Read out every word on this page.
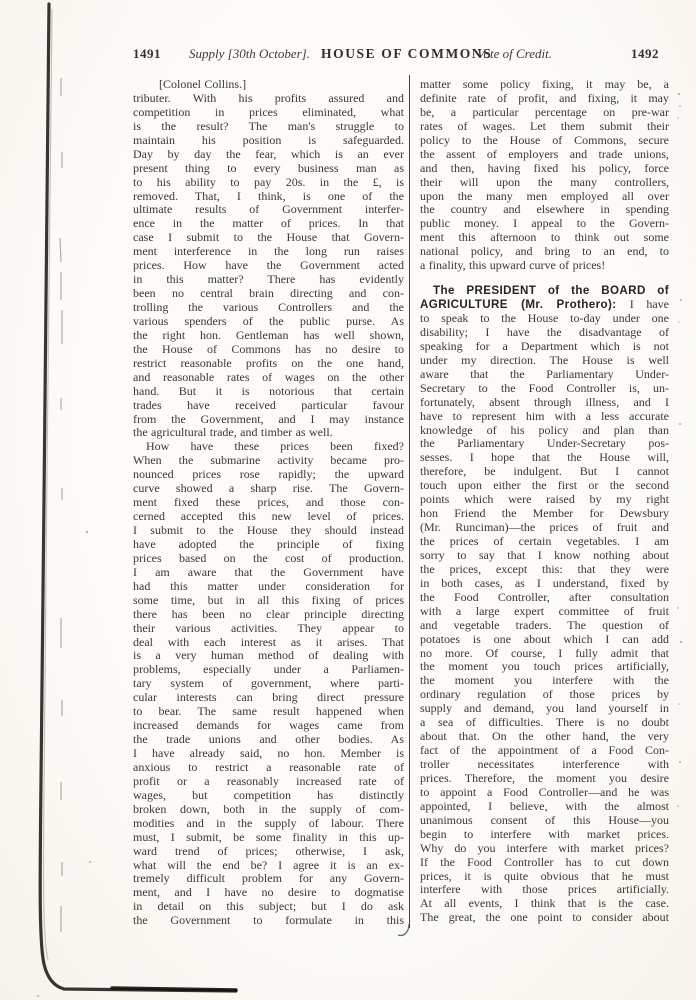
1491 Supply [30th October]. HOUSE OF COMMONS
Vote of Credit.	1492
[Colonel Collins.]
tributer. With his profits assured and
competition in prices eliminated, what
is the result? The man's struggle to
maintain his position is safeguarded.
Day by day the fear, which is an ever
present thing to every business man as
to his ability to pay 20s. in the £, is
removed. That, I think, is one of the
ultimate results of Government interfer-
ence in the matter of prices. In that
case I submit to the House that Govern-
ment interference in the long run raises
prices. How have the Government acted
in this matter? There has evidently
been no central brain directing and con-
trolling the various Controllers and the
various spenders of the public purse. As
the right hon. Gentleman has well shown,
the House of Commons has no desire to
restrict reasonable profits on the one hand,
and reasonable rates of wages on the other
hand. But it is notorious that certain
trades have received particular favour
from the Government, and I may instance
the agricultural trade, and timber as well.
How have these prices been fixed?
When the submarine activity became pro-
nounced prices rose rapidly; the upward
curve showed a sharp rise. The Govern-
ment fixed these prices, and those con-
cerned accepted this new level of prices.
I submit to the House they should instead
have adopted the principle of fixing
prices based on the cost of production.
I am aware that the Government have
had this matter under consideration for
some time, but in all this fixing of prices
there has been no clear principle directing
their various activities. They appear to
deal with each interest as it arises. That
is a very human method of dealing with
problems, especially under a Parliamen-
tary system of government, where parti-
cular interests can bring direct pressure
to bear. The same result happened when
increased demands for wages came from
the trade unions and other bodies. As
I have already said, no hon. Member is
anxious to restrict a reasonable rate of
profit or a reasonably increased rate of
wages, but competition has distinctly
broken down, both in the supply of com-
modities and in the supply of labour. There
must, I submit, be some finality in this up-
ward trend of prices; otherwise, I ask,
what will the end be? I agree it is an ex-
tremely difficult problem for any Govern-
ment, and I have no desire to dogmatise
in detail on this subject; but I do ask
the Government to formulate in this
matter some policy fixing, it may be, a
definite rate of profit, and fixing, it may
be, a particular percentage on pre-war
rates of wages. Let them submit their
policy to the House of Commons, secure
the assent of employers and trade unions,
and then, having fixed his policy, force
their will upon the many controllers,
upon the many men employed all over
the country and elsewhere in spending
public money. I appeal to the Govern-
ment this afternoon to think out some
national policy, and bring to an end, to
a finality, this upward curve of prices!
The PRESIDENT of the BOARD of
AGRICULTURE (Mr. Prothero): I have
to speak to the House to-day under one
disability; I have the disadvantage of
speaking for a Department which is not
under my direction. The House is well
aware that the Parliamentary Under-
Secretary to the Food Controller is, un-
fortunately, absent through illness, and I
have to represent him with a less accurate
knowledge of his policy and plan than
the Parliamentary Under-Secretary pos-
sesses. I hope that the House will,
therefore, be indulgent. But I cannot
touch upon either the first or the second
points which were raised by my right
hon Friend the Member for Dewsbury
(Mr. Runciman)—the prices of fruit and
the prices of certain vegetables. I am
sorry to say that I know nothing about
the prices, except this: that they were
in both cases, as I understand, fixed by
the Food Controller, after consultation
with a large expert committee of fruit
and vegetable traders. The question of
potatoes is one about which I can add
no more. Of course, I fully admit that
the moment you touch prices artificially,
the moment you interfere with the
ordinary regulation of those prices by
supply and demand, you land yourself in
a sea of difficulties. There is no doubt
about that. On the other hand, the very
fact of the appointment of a Food Con-
troller necessitates interference with
prices. Therefore, the moment you desire
to appoint a Food Controller—and he was
appointed, I believe, with the almost
unanimous consent of this House—you
begin to interfere with market prices.
Why do you interfere with market prices?
If the Food Controller has to cut down
prices, it is quite obvious that he must
interfere with those prices artificially.
At all events, I think that is the case.
The great, the one point to consider about
